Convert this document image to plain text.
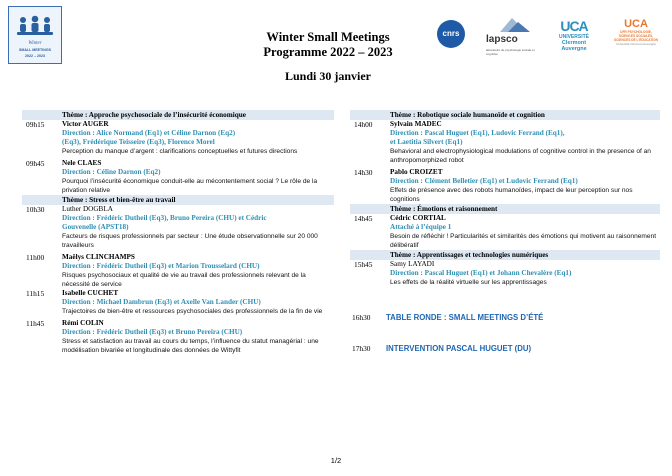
Winter
SMALL MEETINGS
2022 – 2023
Winter Small Meetings
Programme 2022 – 2023
Lundi 30 janvier
cnrs
lapsco
laboratoire de psychologie sociale et cognitive
UCA
UNIVERSITÉ
Clermont
Auvergne
UCA
UFR PSYCHOLOGIE,
SCIENCES SOCIALES,
SCIENCES DE L'ÉDUCATION
Université Clermont Auvergne
Thème : Approche psychosociale de l’insécurité économique
09h15 Victor AUGER
Direction : Alice Normand (Eq1) et Céline Darnon (Eq2)
(Eq3), Frédérique Teisseire (Eq3), Florence Morel
Perception du manque d’argent : clarifications conceptuelles et futures directions
09h45 Nele CLAES
Direction : Céline Darnon (Eq2)
Pourquoi l’insécurité économique conduit-elle au mécontentement social ? Le rôle de la privation relative
Thème : Stress et bien-être au travail
10h30 Luther DOGBLA
Direction : Frédéric Dutheil (Eq3), Bruno Pereira (CHU) et Cédric
Gouvenelle (APST18)
Facteurs de risques professionnels par secteur : Une étude observationnelle sur 20 000 travailleurs
11h00 Maëlys CLINCHAMPS
Direction : Frédéric Dutheil (Eq3) et Marion Trousselard (CHU)
Risques psychosociaux et qualité de vie au travail des professionnels relevant de la nécessité de service
11h15 Isabelle CUCHET
Direction : Michael Dambrun (Eq3) et Axelle Van Lander (CHU)
Trajectoires de bien-être et ressources psychosociales des professionnels de la fin de vie
11h45 Rémi COLIN
Direction : Frédéric Dutheil (Eq3) et Bruno Pereira (CHU)
Stress et satisfaction au travail au cours du temps, l’influence du statut managérial : une modélisation bivariée et longitudinale des données de Wittyfit
Thème : Robotique sociale humanoïde et cognition
14h00 Sylvain MADEC
Direction : Pascal Huguet (Eq1), Ludovic Ferrand (Eq1),
et Laetitia Silvert (Eq1)
Behavioral and electrophysiological modulations of cognitive control in the presence of an anthropomorphized robot
14h30 Pablo CROIZET
Direction : Clément Belletier (Eq1) et Ludovic Ferrand (Eq1)
Effets de présence avec des robots humanoïdes, impact de leur perception sur nos cognitions
Thème : Émotions et raisonnement
14h45 Cédric CORTIAL
Attaché à l’équipe 1
Besoin de réfléchir ! Particularités et similarités des émotions qui motivent au raisonnement délibératif
Thème : Apprentissages et technologies numériques
15h45 Samy LAYADI
Direction : Pascal Huguet (Eq1) et Johann Chevalère (Eq1)
Les effets de la réalité virtuelle sur les apprentissages
16h30 TABLE RONDE : SMALL MEETINGS D’ÉTÉ
17h30 INTERVENTION PASCAL HUGUET (DU)
1/2
